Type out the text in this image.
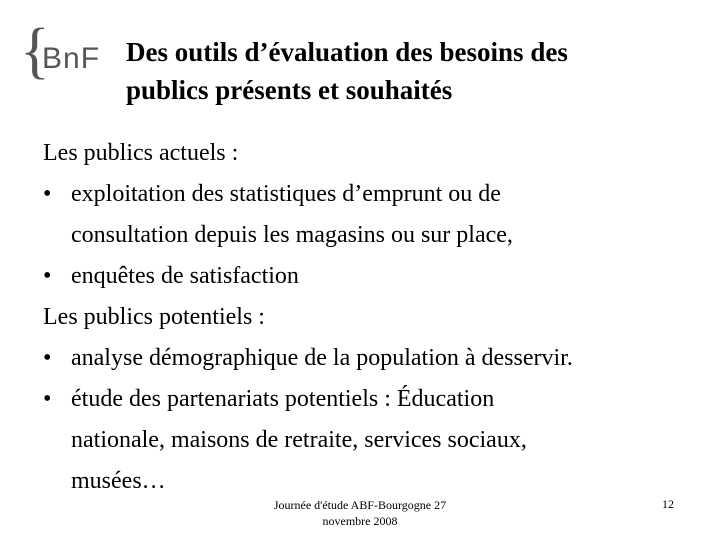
{
BnF Des outils d’évaluation des besoins des
publics présents et souhaités
Les publics actuels :
• exploitation des statistiques d’emprunt ou de
consultation depuis les magasins ou sur place,
• enquêtes de satisfaction
Les publics potentiels :
• analyse démographique de la population à desservir.
• étude des partenariats potentiels : Éducation
nationale, maisons de retraite, services sociaux,
musées…
Journée d'étude ABF-Bourgogne 27
novembre 2008
12
